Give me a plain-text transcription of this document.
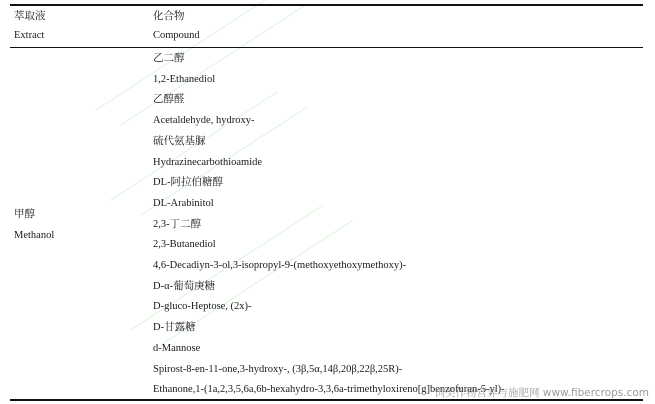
萃取液	化合物
Extract	Compound
甲醇
Methanol
乙二醇
1,2-Ethanediol
乙醇醛
Acetaldehyde, hydroxy-
硫代氨基脲
Hydrazinecarbothioamide
DL-阿拉伯糖醇
DL-Arabinitol
2,3-丁二醇
2,3-Butanediol
4,6-Decadiyn-3-ol,3-isopropyl-9-(methoxyethoxymethoxy)-
D-α-葡萄庚糖
D-gluco-Heptose, (2x)-
D-甘露糖
d-Mannose
Spirost-8-en-11-one,3-hydroxy-, (3β,5α,14β,20β,22β,25R)-
Ethanone,1-(1a,2,3,5,6a,6b-hexahydro-3,3,6a-trimethyloxireno[g]benzofuran-5-yl)-
饲类作物营养与施肥网 www.fibercrops.com
